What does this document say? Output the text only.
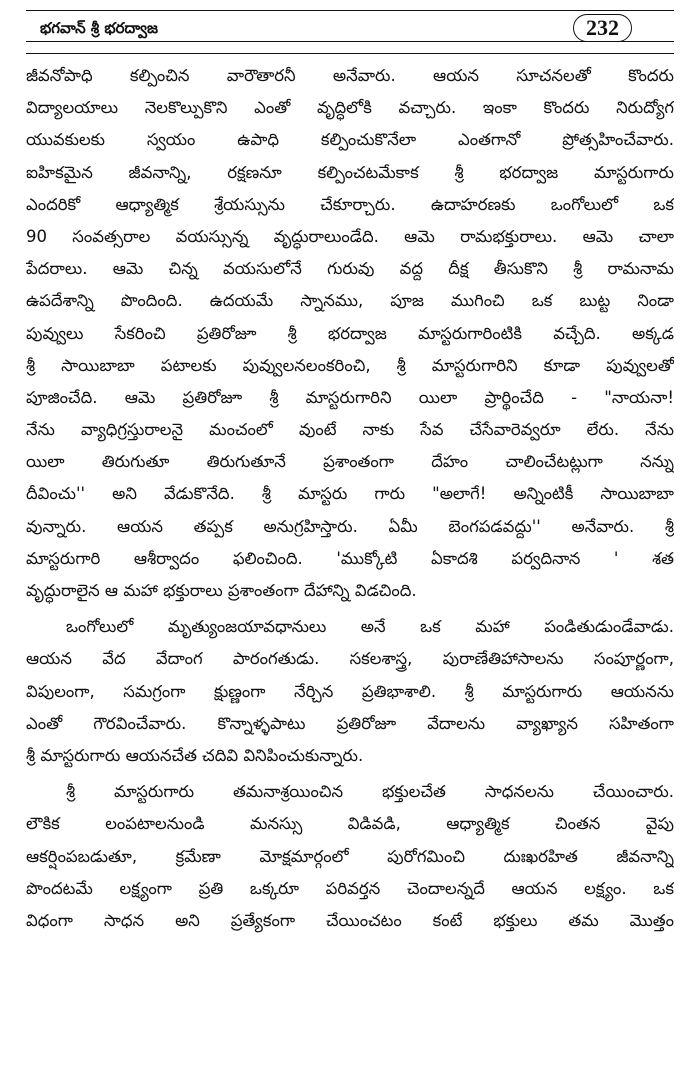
భగవాన్ శ్రీ భరద్వాజ	232
జీవనోపాధి కల్పించిన వారౌతారనీ అనేవారు. ఆయన సూచనలతో కొందరు
విద్యాలయాలు నెలకొల్పుకొని ఎంతో వృద్ధిలోకి వచ్చారు. ఇంకా కొందరు నిరుద్యోగ
యువకులకు స్వయం ఉపాధి కల్పించుకొనేలా ఎంతగానో ప్రోత్సహించేవారు.
ఐహికమైన జీవనాన్ని, రక్షణనూ కల్పించటమేకాక శ్రీ భరద్వాజ మాస్టరుగారు
ఎందరికో ఆధ్యాత్మిక శ్రేయస్సును చేకూర్చారు. ఉదాహరణకు ఒంగోలులో ఒక
90 సంవత్సరాల వయస్సున్న వృద్ధురాలుండేది. ఆమె రామభక్తురాలు. ఆమె చాలా
పేదరాలు. ఆమె చిన్న వయసులోనే గురువు వద్ద దీక్ష తీసుకొని శ్రీ రామనామ
ఉపదేశాన్ని పొందింది. ఉదయమే స్నానము, పూజ ముగించి ఒక బుట్ట నిండా
పువ్వులు సేకరించి ప్రతిరోజూ శ్రీ భరద్వాజ మాస్టరుగారింటికి వచ్చేది. అక్కడ
శ్రీ సాయిబాబా పటాలకు పువ్వులనలంకరించి, శ్రీ మాస్టరుగారిని కూడా పువ్వులతో
పూజించేది. ఆమె ప్రతిరోజూ శ్రీ మాస్టరుగారిని యిలా ప్రార్థించేది - "నాయనా!
నేను వ్యాధిగ్రస్తురాలనై మంచంలో వుంటే నాకు సేవ చేసేవారెవ్వరూ లేరు. నేను
యిలా తిరుగుతూ తిరుగుతూనే ప్రశాంతంగా దేహం చాలించేటట్లుగా నన్ను
దీవించు'' అని వేడుకొనేది. శ్రీ మాస్టరు గారు "అలాగే! అన్నింటికీ సాయిబాబా
వున్నారు. ఆయన తప్పక అనుగ్రహిస్తారు. ఏమీ బెంగపడవద్దు'' అనేవారు. శ్రీ
మాస్టరుగారి ఆశీర్వాదం ఫలించింది. 'ముక్కోటి ఏకాదశి పర్వదినాన ' శత
వృద్ధురాలైన ఆ మహా భక్తురాలు ప్రశాంతంగా దేహాన్ని విడచింది.
ఒంగోలులో మృత్యుంజయావధానులు అనే ఒక మహా పండితుడుండేవాడు.
ఆయన వేద వేదాంగ పారంగతుడు. సకలశాస్త్ర, పురాణేతిహాసాలను సంపూర్ణంగా,
విపులంగా, సమగ్రంగా క్షుణ్ణంగా నేర్చిన ప్రతిభాశాలి. శ్రీ మాస్టరుగారు ఆయనను
ఎంతో గౌరవించేవారు. కొన్నాళ్ళపాటు ప్రతిరోజూ వేదాలను వ్యాఖ్యాన సహితంగా
శ్రీ మాస్టరుగారు ఆయనచేత చదివి వినిపించుకున్నారు.
శ్రీ మాస్టరుగారు తమనాశ్రయించిన భక్తులచేత సాధనలను చేయించారు.
లౌకిక లంపటాలనుండి మనస్సు విడివడి, ఆధ్యాత్మిక చింతన వైపు
ఆకర్షింపబడుతూ, క్రమేణా మోక్షమార్గంలో పురోగమించి దుఃఖరహిత జీవనాన్ని
పొందటమే లక్ష్యంగా ప్రతి ఒక్కరూ పరివర్తన చెందాలన్నదే ఆయన లక్ష్యం. ఒక
విధంగా సాధన అని ప్రత్యేకంగా చేయించటం కంటే భక్తులు తమ మొత్తం
